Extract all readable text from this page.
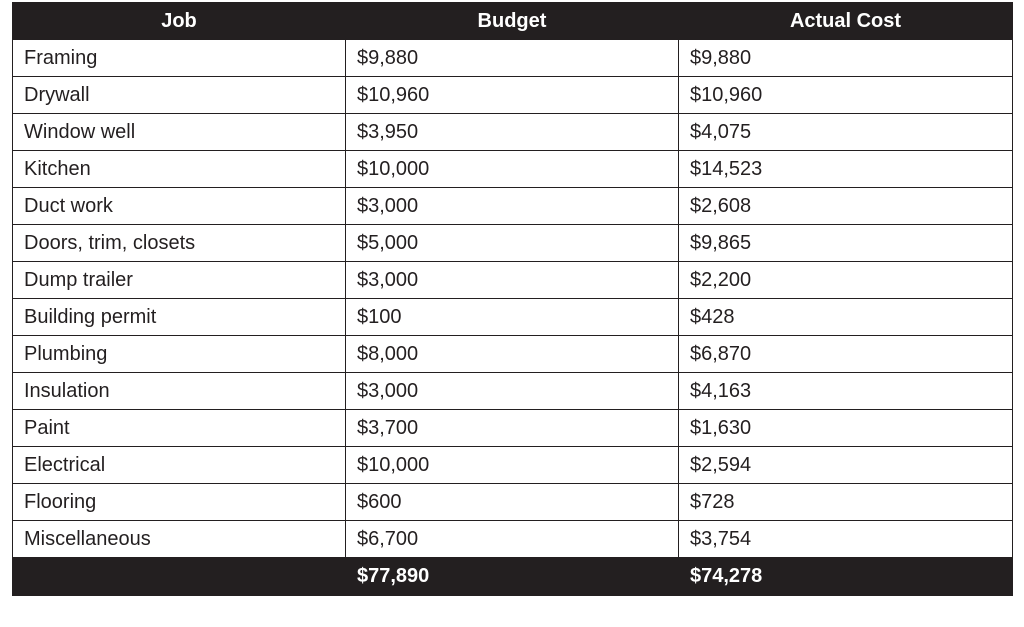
Job	Budget	Actual Cost
Framing	$9,880	$9,880
Drywall	$10,960	$10,960
Window well	$3,950	$4,075
Kitchen	$10,000	$14,523
Duct work	$3,000	$2,608
Doors, trim, closets	$5,000	$9,865
Dump trailer	$3,000	$2,200
Building permit	$100	$428
Plumbing	$8,000	$6,870
Insulation	$3,000	$4,163
Paint	$3,700	$1,630
Electrical	$10,000	$2,594
Flooring	$600	$728
Miscellaneous	$6,700	$3,754
	$77,890	$74,278
